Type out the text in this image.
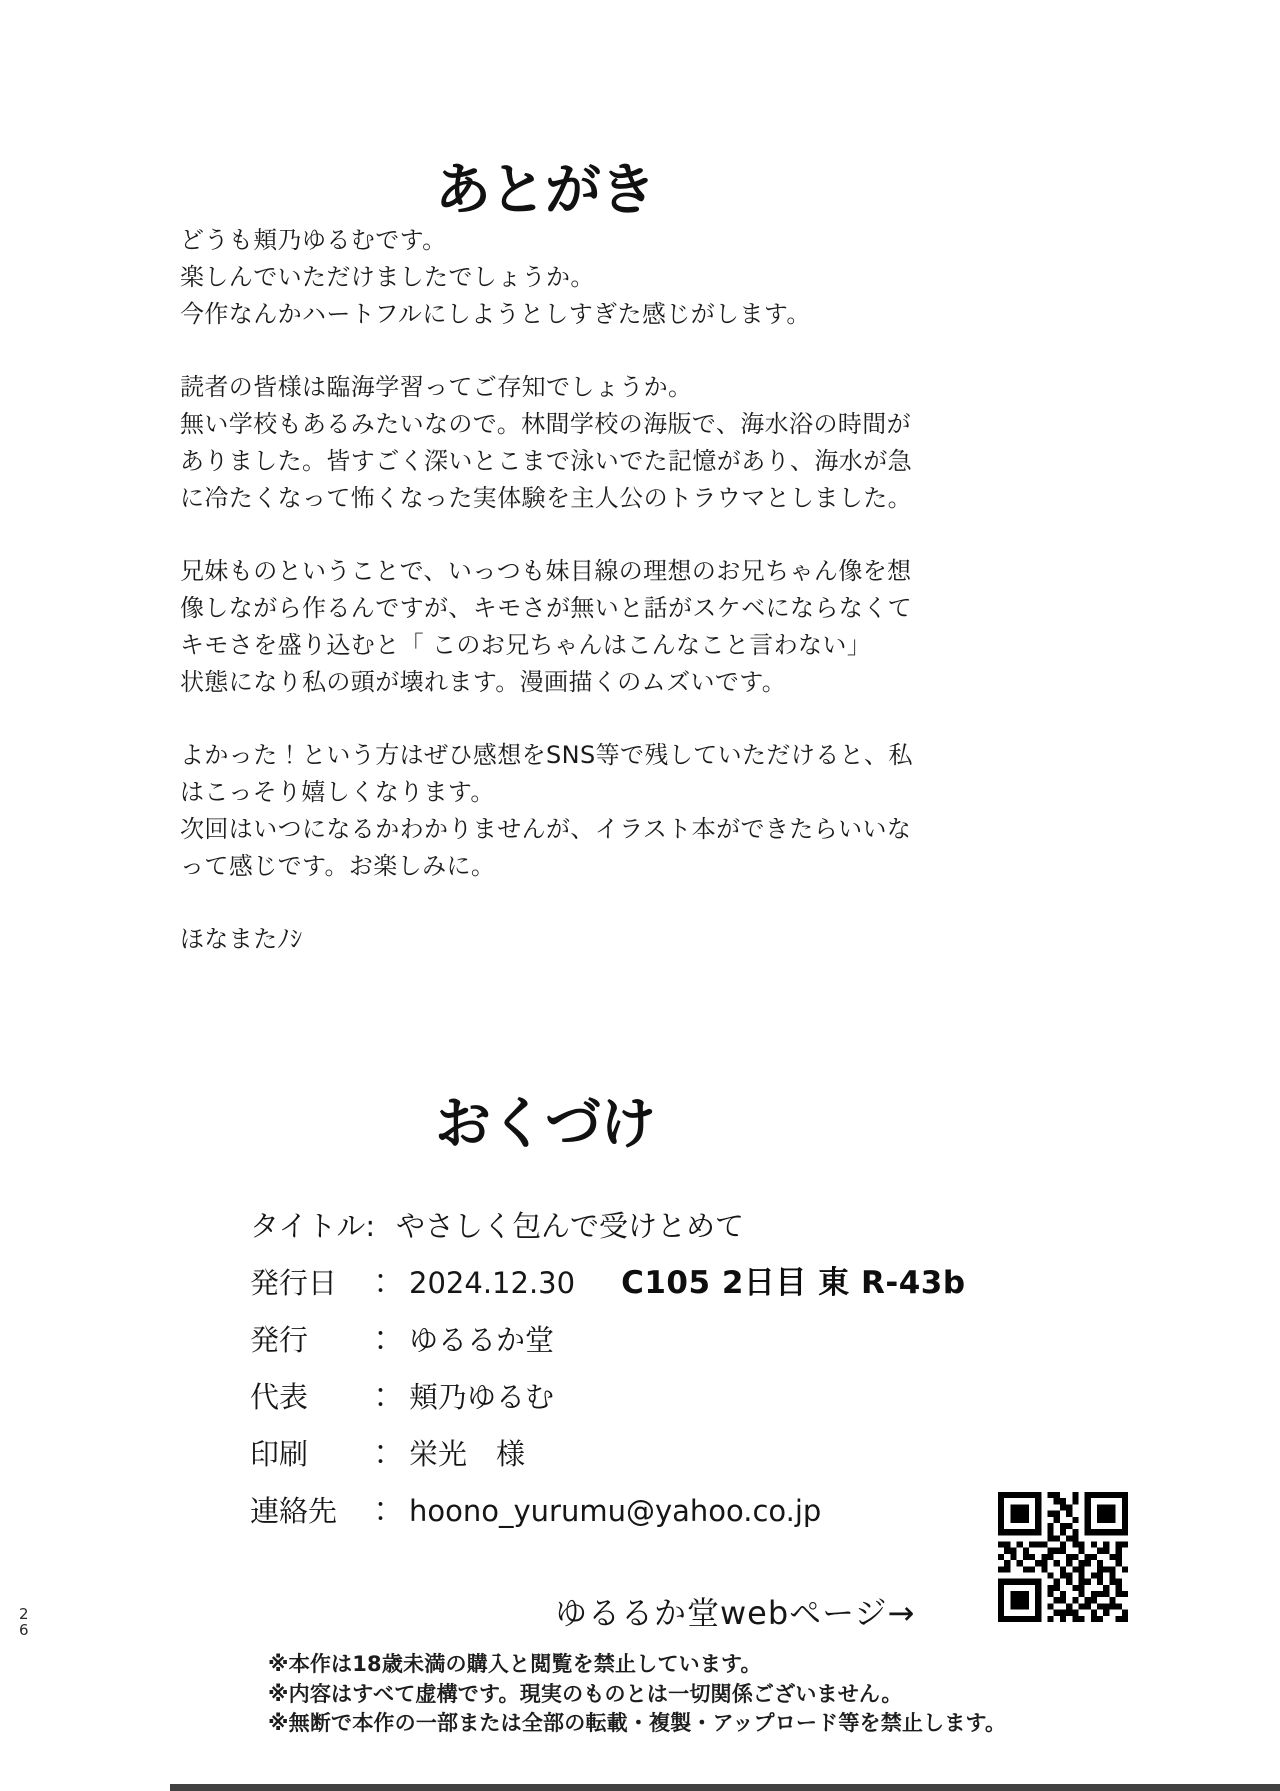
あとがき
どうも頬乃ゆるむです。
楽しんでいただけましたでしょうか。
今作なんかハートフルにしようとしすぎた感じがします。
読者の皆様は臨海学習ってご存知でしょうか。
無い学校もあるみたいなので。林間学校の海版で、海水浴の時間が
ありました。皆すごく深いとこまで泳いでた記憶があり、海水が急
に冷たくなって怖くなった実体験を主人公のトラウマとしました。
兄妹ものということで、いっつも妹目線の理想のお兄ちゃん像を想
像しながら作るんですが、キモさが無いと話がスケベにならなくて
キモさを盛り込むと「 このお兄ちゃんはこんなこと言わない」
状態になり私の頭が壊れます。漫画描くのムズいです。
よかった！という方はぜひ感想をSNS等で残していただけると、私
はこっそり嬉しくなります。
次回はいつになるかわかりませんが、イラスト本ができたらいいな
って感じです。お楽しみに。
ほなまたﾉｼ
おくづけ
タイトル: やさしく包んで受けとめて
発行日　： 2024.12.30 C105 2日目 東 R-43b
発行　　： ゆるるか堂
代表　　： 頬乃ゆるむ
印刷　　： 栄光　様
連絡先　： hoono_yurumu@yahoo.co.jp
ゆるるか堂webページ→
※本作は18歳未満の購入と閲覧を禁止しています。
※内容はすべて虚構です。現実のものとは一切関係ございません。
※無断で本作の一部または全部の転載・複製・アップロード等を禁止します。
26
